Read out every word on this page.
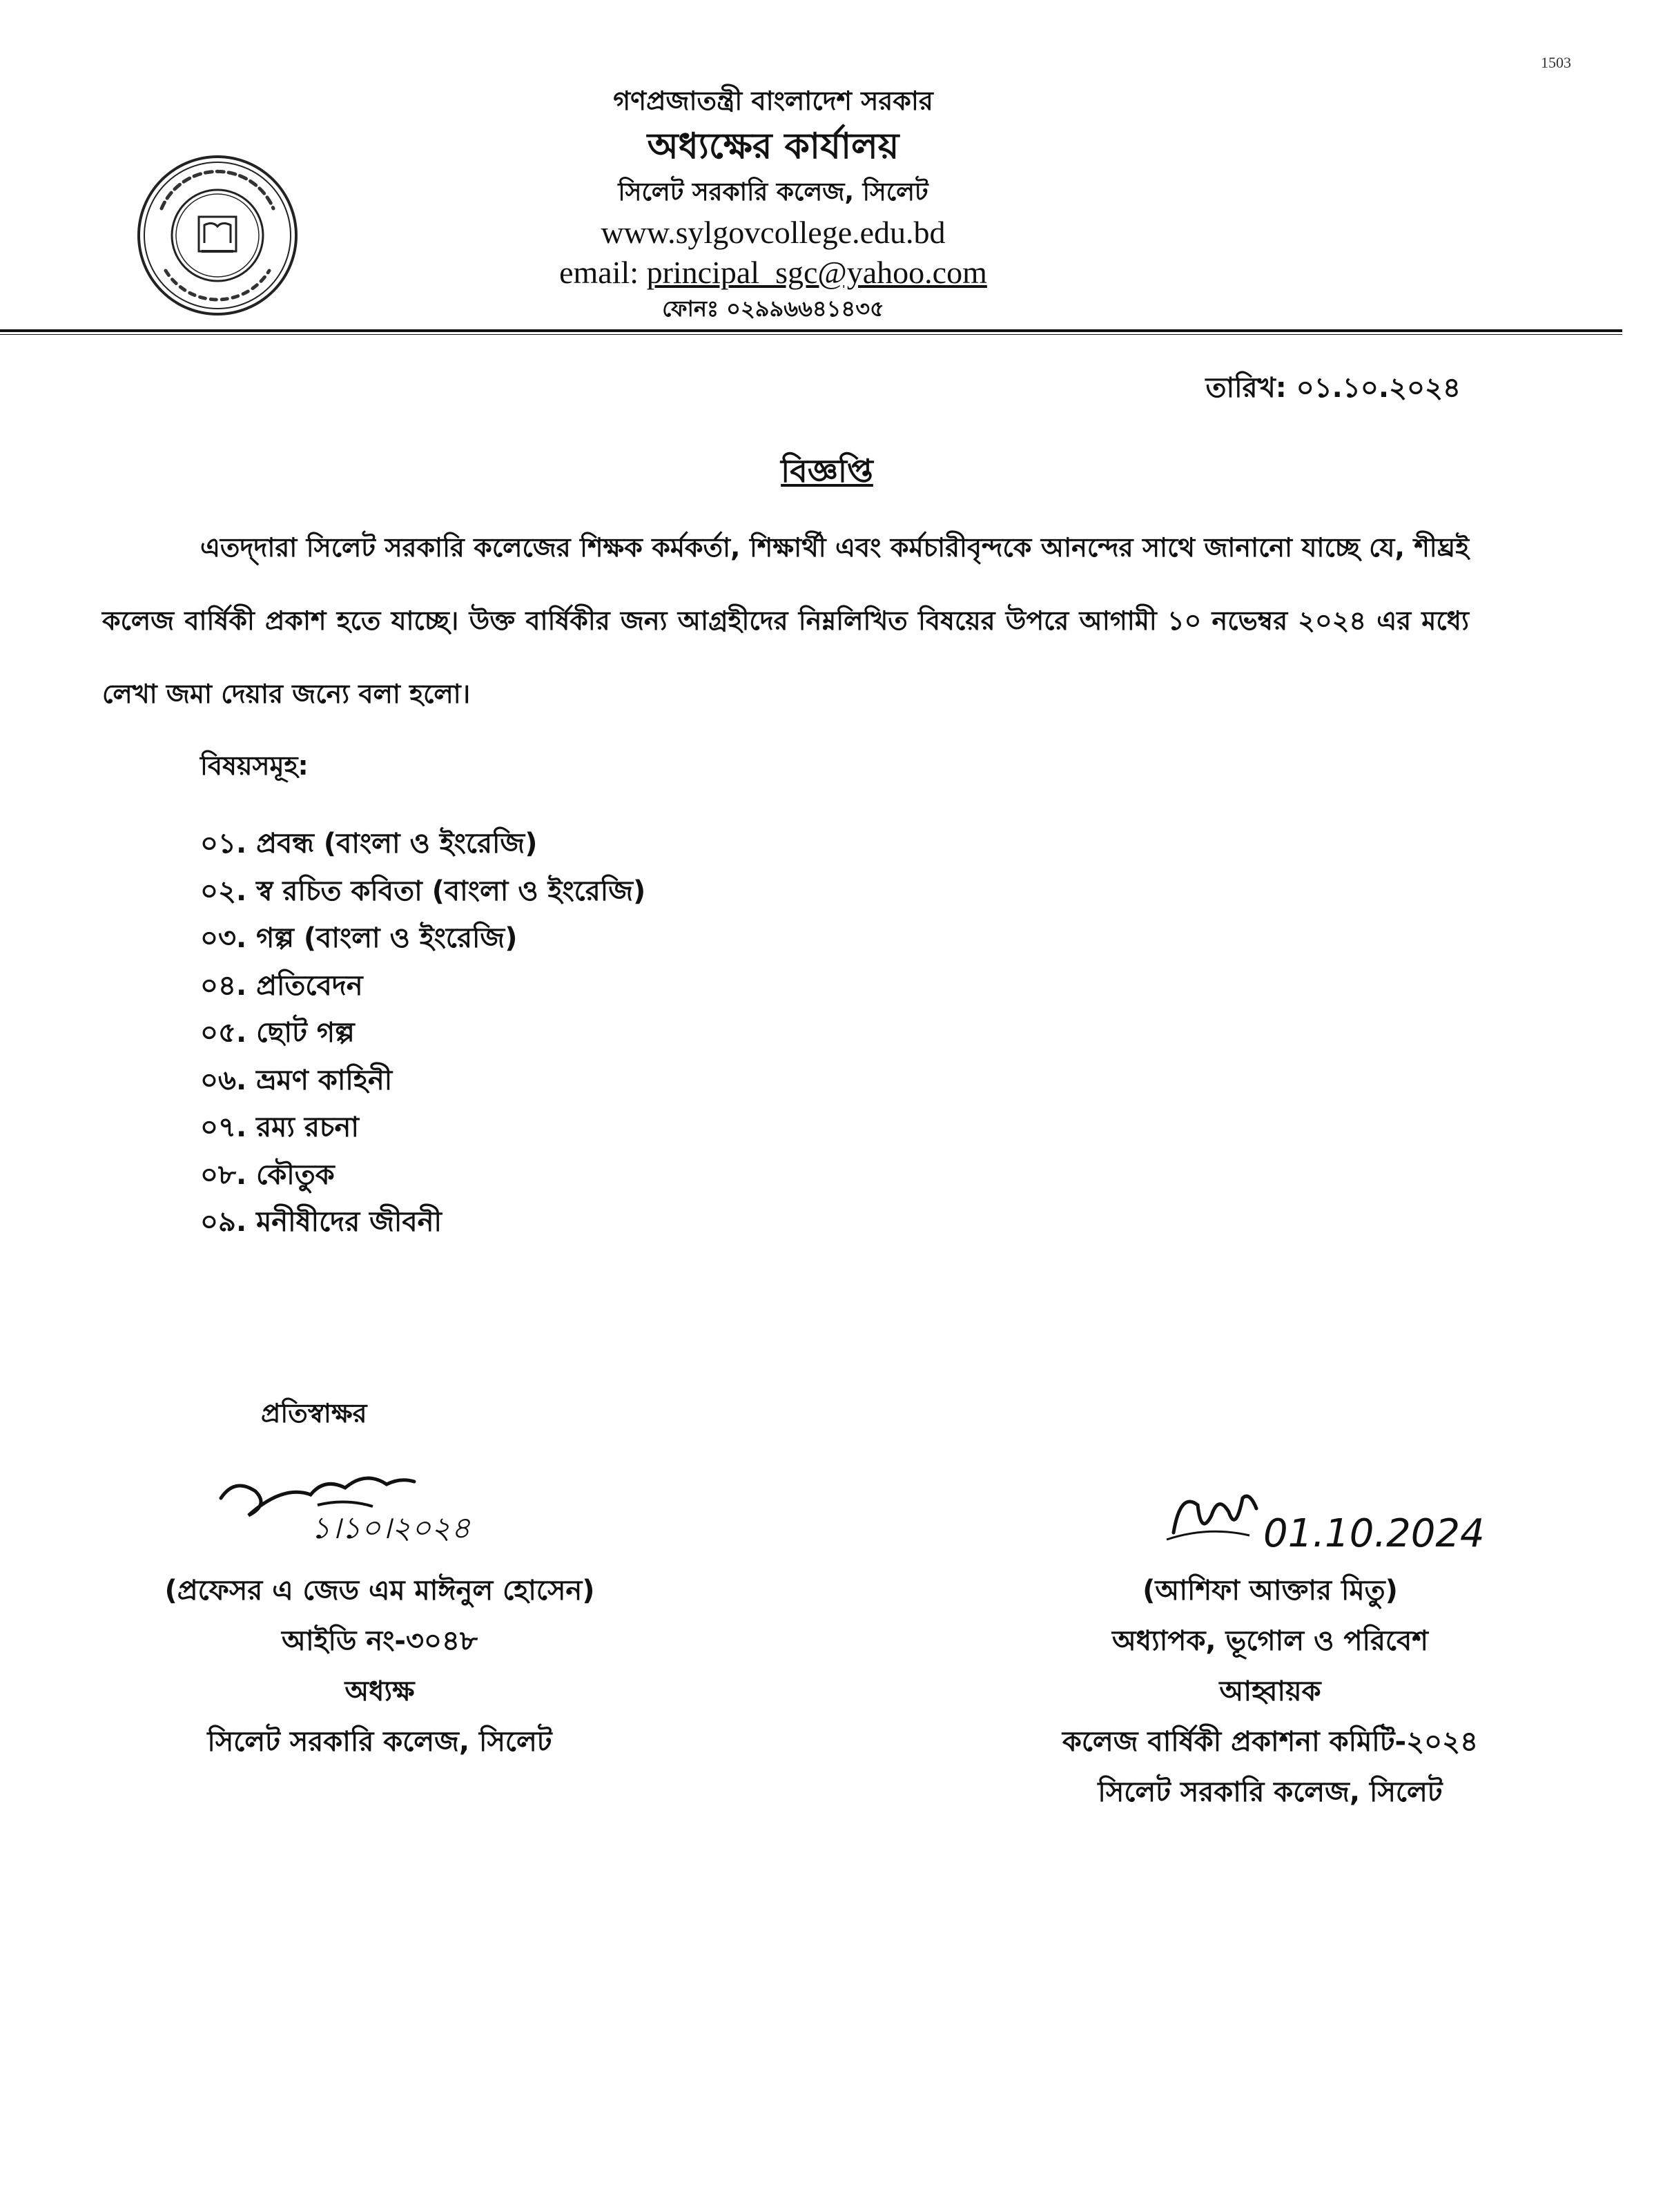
1503
গণপ্রজাতন্ত্রী বাংলাদেশ সরকার
অধ্যক্ষের কার্যালয়
সিলেট সরকারি কলেজ, সিলেট
www.sylgovcollege.edu.bd
email: principal_sgc@yahoo.com
ফোনঃ ০২৯৯৬৬৪১৪৩৫
তারিখ: ০১.১০.২০২৪
বিজ্ঞপ্তি
এতদ্‌দারা সিলেট সরকারি কলেজের শিক্ষক কর্মকর্তা, শিক্ষার্থী এবং কর্মচারীবৃন্দকে আনন্দের সাথে জানানো যাচ্ছে যে, শীঘ্রই কলেজ বার্ষিকী প্রকাশ হতে যাচ্ছে। উক্ত বার্ষিকীর জন্য আগ্রহীদের নিম্নলিখিত বিষয়ের উপরে আগামী ১০ নভেম্বর ২০২৪ এর মধ্যে লেখা জমা দেয়ার জন্যে বলা হলো।
বিষয়সমূহ:
০১. প্রবন্ধ (বাংলা ও ইংরেজি)
০২. স্ব রচিত কবিতা (বাংলা ও ইংরেজি)
০৩. গল্প (বাংলা ও ইংরেজি)
০৪. প্রতিবেদন
০৫. ছোট গল্প
০৬. ভ্রমণ কাহিনী
০৭. রম্য রচনা
০৮. কৌতুক
০৯. মনীষীদের জীবনী
প্রতিস্বাক্ষর
১।১০।২০২৪	01.10.2024
(প্রফেসর এ জেড এম মাঈনুল হোসেন)
আইডি নং-৩০৪৮
অধ্যক্ষ
সিলেট সরকারি কলেজ, সিলেট
(আশিফা আক্তার মিতু)
অধ্যাপক, ভূগোল ও পরিবেশ
আহ্বায়ক
কলেজ বার্ষিকী প্রকাশনা কমিটি-২০২৪
সিলেট সরকারি কলেজ, সিলেট
